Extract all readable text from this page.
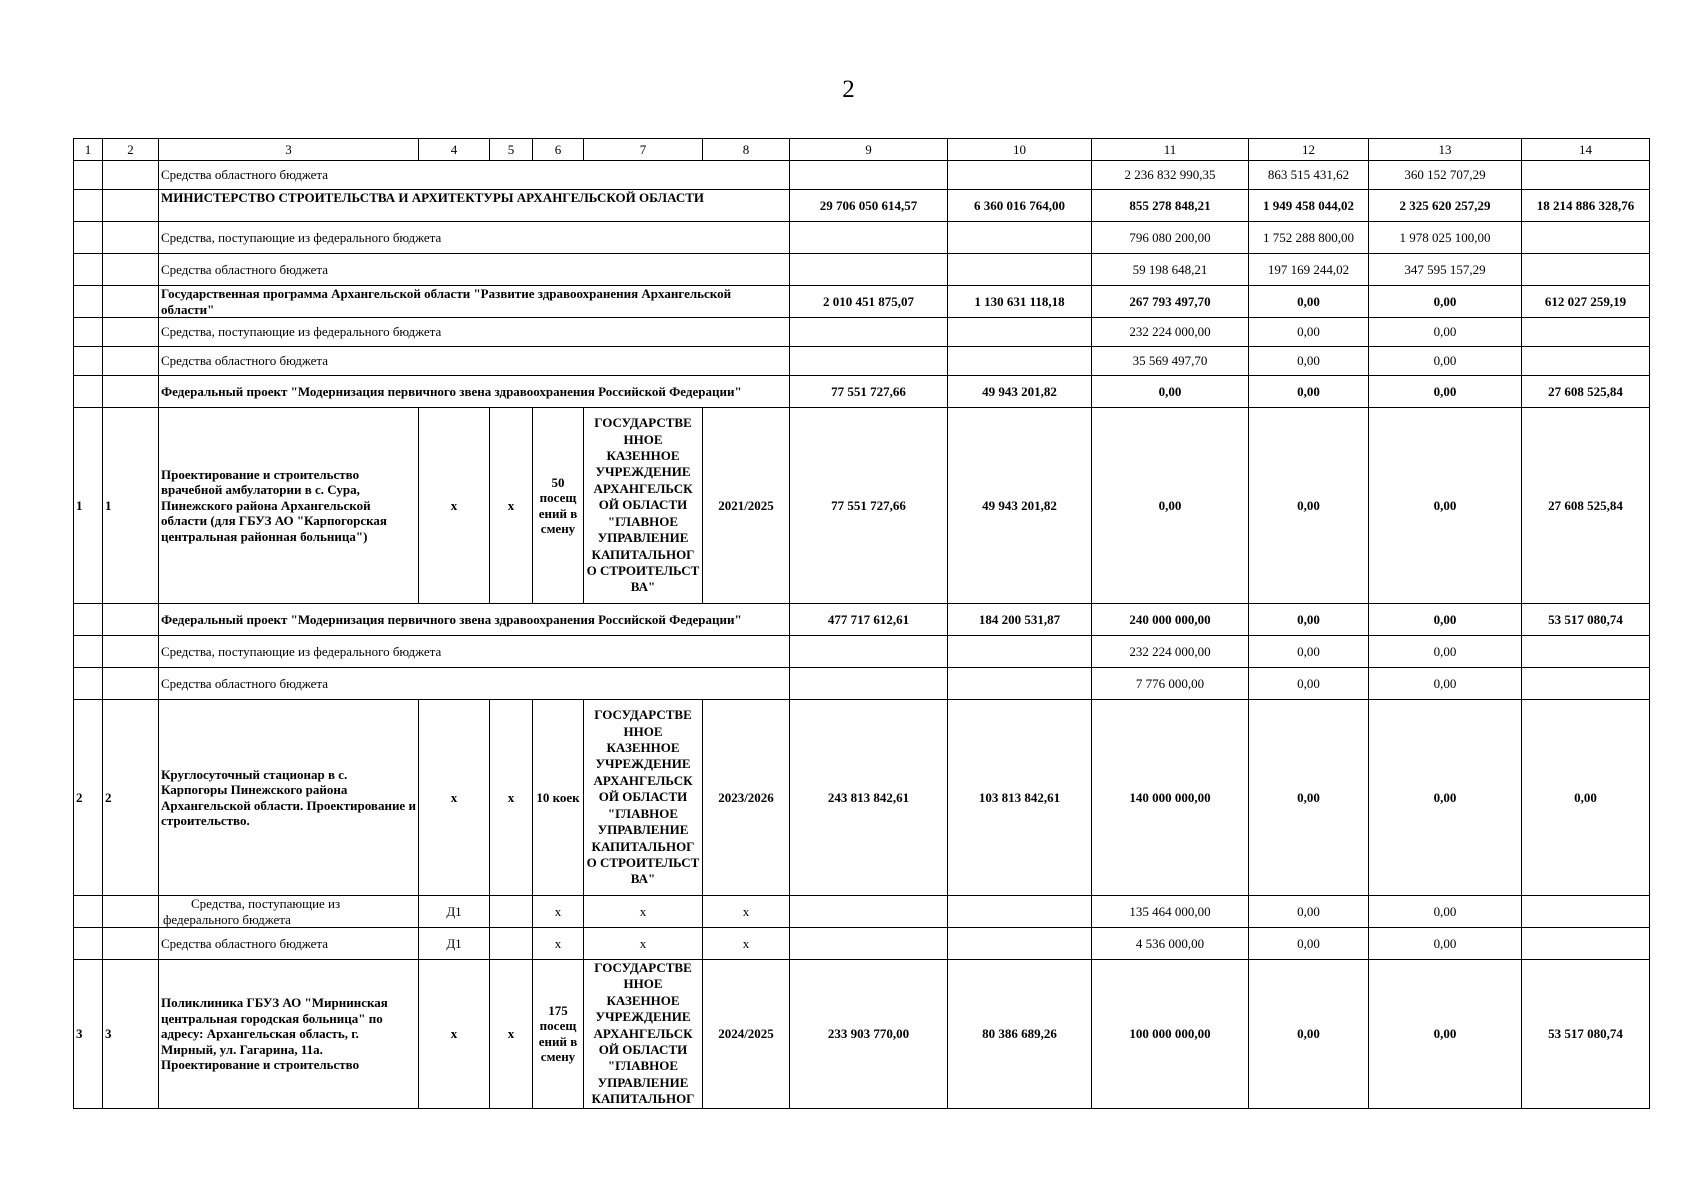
2
1	2	3	4	5	6	7	8	9	10	11	12	13	14
		Средства областного бюджета								2 236 832 990,35	863 515 431,62	360 152 707,29	
		МИНИСТЕРСТВО СТРОИТЕЛЬСТВА И АРХИТЕКТУРЫ АРХАНГЕЛЬСКОЙ ОБЛАСТИ						29 706 050 614,57	6 360 016 764,00	855 278 848,21	1 949 458 044,02	2 325 620 257,29	18 214 886 328,76
		Средства, поступающие из федерального бюджета								796 080 200,00	1 752 288 800,00	1 978 025 100,00	
		Средства областного бюджета								59 198 648,21	197 169 244,02	347 595 157,29	
		Государственная программа Архангельской области "Развитие здравоохранения Архангельской области"						2 010 451 875,07	1 130 631 118,18	267 793 497,70	0,00	0,00	612 027 259,19
		Средства, поступающие из федерального бюджета								232 224 000,00	0,00	0,00	
		Средства областного бюджета								35 569 497,70	0,00	0,00	
		Федеральный проект "Модернизация первичного звена здравоохранения Российской Федерации"						77 551 727,66	49 943 201,82	0,00	0,00	0,00	27 608 525,84
1	1	Проектирование и строительство врачебной амбулатории в с. Сура, Пинежского района Архангельской области (для ГБУЗ АО "Карпогорская центральная районная больница")	х	х	50 посещ ений в смену	ГОСУДАРСТВЕ ННОЕ КАЗЕННОЕ УЧРЕЖДЕНИЕ АРХАНГЕЛЬСК ОЙ ОБЛАСТИ "ГЛАВНОЕ УПРАВЛЕНИЕ КАПИТАЛЬНОГ О СТРОИТЕЛЬСТ ВА"	2021/2025	77 551 727,66	49 943 201,82	0,00	0,00	0,00	27 608 525,84
		Федеральный проект "Модернизация первичного звена здравоохранения Российской Федерации"						477 717 612,61	184 200 531,87	240 000 000,00	0,00	0,00	53 517 080,74
		Средства, поступающие из федерального бюджета								232 224 000,00	0,00	0,00	
		Средства областного бюджета								7 776 000,00	0,00	0,00	
2	2	Круглосуточный стационар в с. Карпогоры Пинежского района Архангельской области. Проектирование и строительство.	х	х	10 коек	ГОСУДАРСТВЕ ННОЕ КАЗЕННОЕ УЧРЕЖДЕНИЕ АРХАНГЕЛЬСК ОЙ ОБЛАСТИ "ГЛАВНОЕ УПРАВЛЕНИЕ КАПИТАЛЬНОГ О СТРОИТЕЛЬСТ ВА"	2023/2026	243 813 842,61	103 813 842,61	140 000 000,00	0,00	0,00	0,00
		Средства, поступающие из федерального бюджета	Д1		х	х	х			135 464 000,00	0,00	0,00	
		Средства областного бюджета	Д1		х	х	х			4 536 000,00	0,00	0,00	
3	3	Поликлиника ГБУЗ АО "Мирнинская центральная городская больница" по адресу: Архангельская область, г. Мирный, ул. Гагарина, 11а. Проектирование и строительство	х	х	175 посещ ений в смену	ГОСУДАРСТВЕ ННОЕ КАЗЕННОЕ УЧРЕЖДЕНИЕ АРХАНГЕЛЬСК ОЙ ОБЛАСТИ "ГЛАВНОЕ УПРАВЛЕНИЕ КАПИТАЛЬНОГ	2024/2025	233 903 770,00	80 386 689,26	100 000 000,00	0,00	0,00	53 517 080,74
